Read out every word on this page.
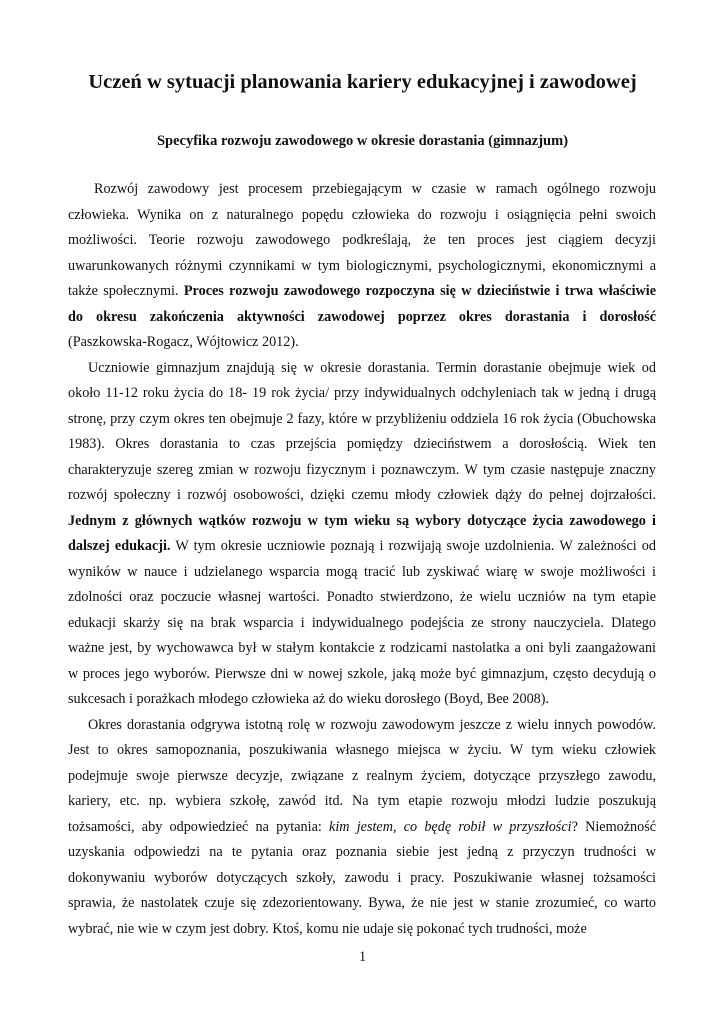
Uczeń w sytuacji planowania kariery edukacyjnej i zawodowej
Specyfika rozwoju zawodowego w okresie dorastania (gimnazjum)
Rozwój zawodowy jest procesem przebiegającym w czasie w ramach ogólnego rozwoju
człowieka. Wynika on z naturalnego popędu człowieka do rozwoju i osiągnięcia pełni swoich
możliwości. Teorie rozwoju zawodowego podkreślają, że ten proces jest ciągiem decyzji
uwarunkowanych różnymi czynnikami w tym biologicznymi, psychologicznymi, ekonomicznymi a
także społecznymi. Proces rozwoju zawodowego rozpoczyna się w dzieciństwie i trwa właściwie
do okresu zakończenia aktywności zawodowej poprzez okres dorastania i dorosłość
(Paszkowska-Rogacz, Wójtowicz 2012).
Uczniowie gimnazjum znajdują się w okresie dorastania. Termin dorastanie obejmuje wiek od
około 11-12 roku życia do 18- 19 rok życia/ przy indywidualnych odchyleniach tak w jedną i drugą
stronę, przy czym okres ten obejmuje 2 fazy, które w przybliżeniu oddziela 16 rok życia (Obuchowska
1983). Okres dorastania to czas przejścia pomiędzy dzieciństwem a dorosłością. Wiek ten
charakteryzuje szereg zmian w rozwoju fizycznym i poznawczym. W tym czasie następuje znaczny
rozwój społeczny i rozwój osobowości, dzięki czemu młody człowiek dąży do pełnej dojrzałości.
Jednym z głównych wątków rozwoju w tym wieku są wybory dotyczące życia zawodowego i
dalszej edukacji. W tym okresie uczniowie poznają i rozwijają swoje uzdolnienia. W zależności od
wyników w nauce i udzielanego wsparcia mogą tracić lub zyskiwać wiarę w swoje możliwości i
zdolności oraz poczucie własnej wartości. Ponadto stwierdzono, że wielu uczniów na tym etapie
edukacji skarży się na brak wsparcia i indywidualnego podejścia ze strony nauczyciela. Dlatego
ważne jest, by wychowawca był w stałym kontakcie z rodzicami nastolatka a oni byli zaangażowani
w proces jego wyborów. Pierwsze dni w nowej szkole, jaką może być gimnazjum, często decydują o
sukcesach i porażkach młodego człowieka aż do wieku dorosłego (Boyd, Bee 2008).
Okres dorastania odgrywa istotną rolę w rozwoju zawodowym jeszcze z wielu innych powodów.
Jest to okres samopoznania, poszukiwania własnego miejsca w życiu. W tym wieku człowiek
podejmuje swoje pierwsze decyzje, związane z realnym życiem, dotyczące przyszłego zawodu,
kariery, etc. np. wybiera szkołę, zawód itd. Na tym etapie rozwoju młodzi ludzie poszukują
tożsamości, aby odpowiedzieć na pytania: kim jestem, co będę robił w przyszłości? Niemożność
uzyskania odpowiedzi na te pytania oraz poznania siebie jest jedną z przyczyn trudności w
dokonywaniu wyborów dotyczących szkoły, zawodu i pracy. Poszukiwanie własnej tożsamości
sprawia, że nastolatek czuje się zdezorientowany. Bywa, że nie jest w stanie zrozumieć, co warto
wybrać, nie wie w czym jest dobry. Ktoś, komu nie udaje się pokonać tych trudności, może
1
